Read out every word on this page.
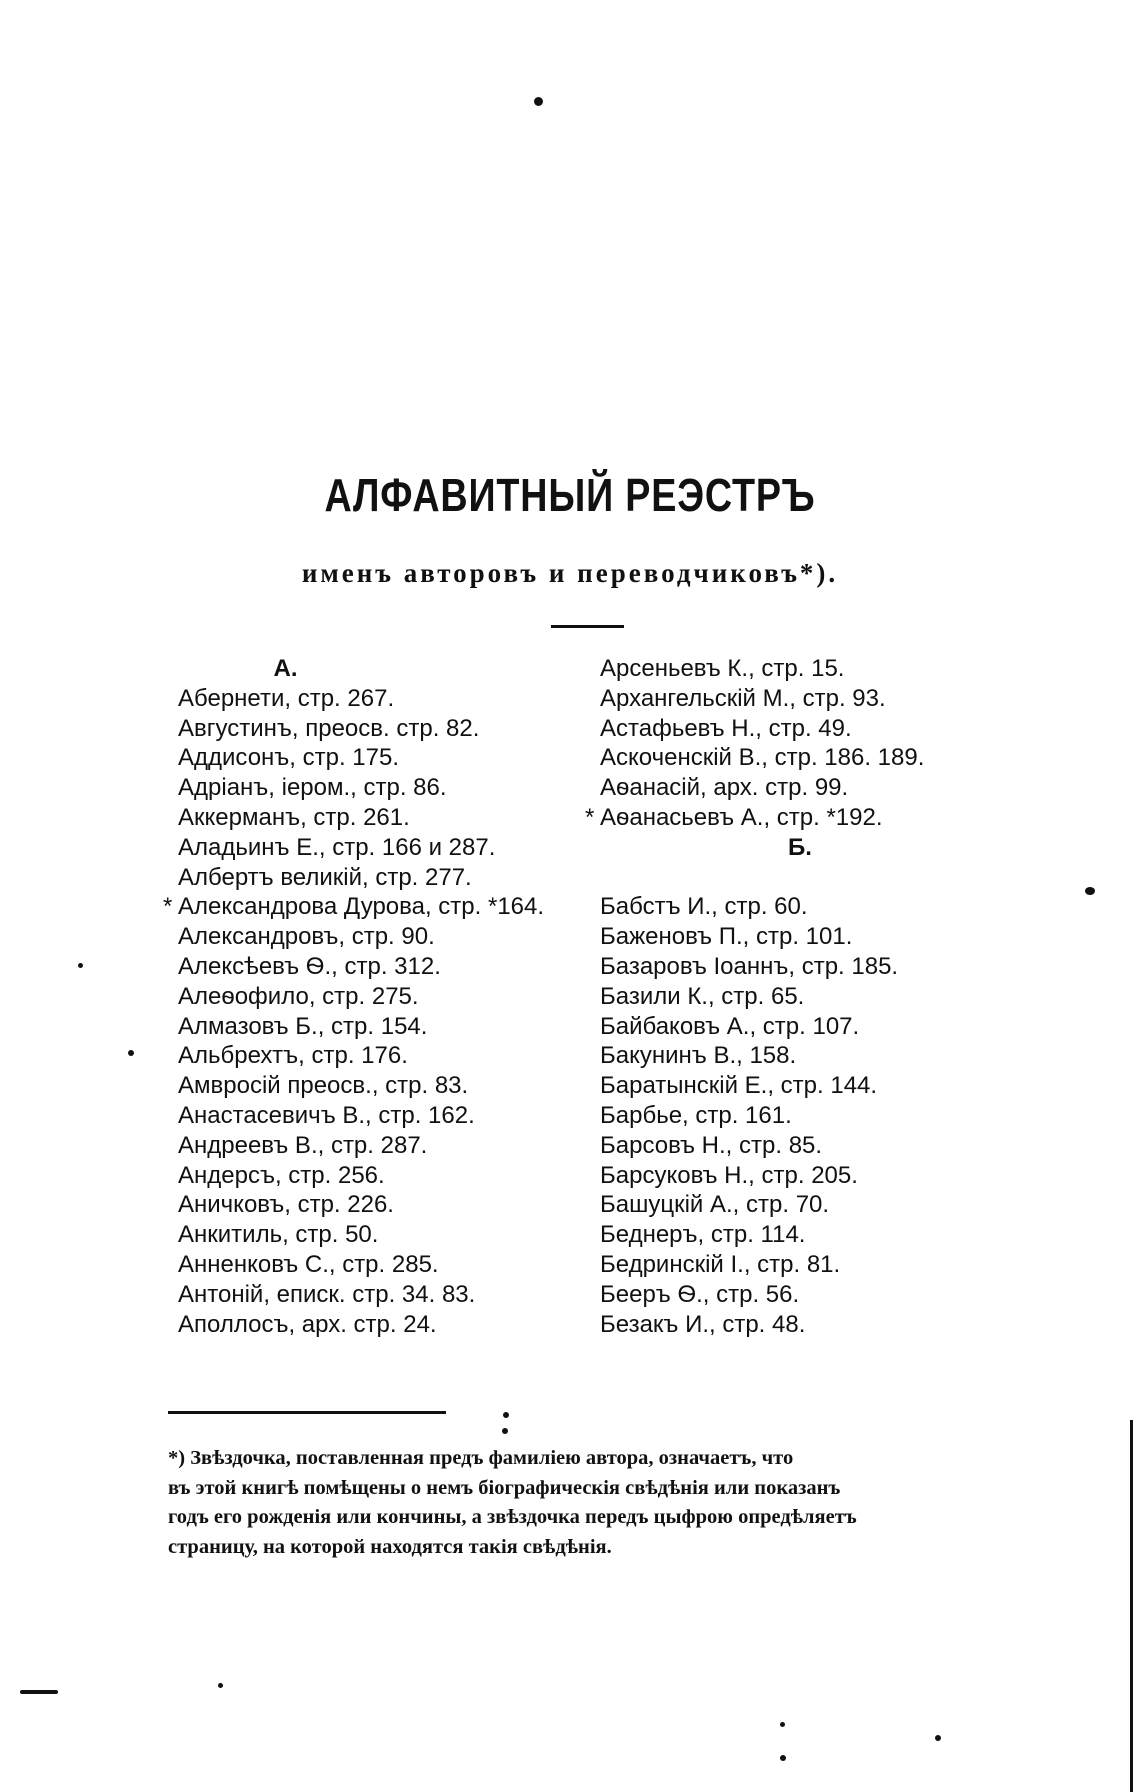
АЛФАВИТНЫЙ РЕЭСТРЪ
именъ авторовъ и переводчиковъ*).
А.
Абернети, стр. 267.
Августинъ, преосв. стр. 82.
Аддисонъ, стр. 175.
Адріанъ, іером., стр. 86.
Аккерманъ, стр. 261.
Аладьинъ Е., стр. 166 и 287.
Албертъ великій, стр. 277.
* Александрова Дурова, стр. *164.
Александровъ, стр. 90.
Алексѣевъ Ѳ., стр. 312.
Алеѳофило, стр. 275.
Алмазовъ Б., стр. 154.
Альбрехтъ, стр. 176.
Амвросій преосв., стр. 83.
Анастасевичъ В., стр. 162.
Андреевъ В., стр. 287.
Андерсъ, стр. 256.
Аничковъ, стр. 226.
Анкитиль, стр. 50.
Анненковъ С., стр. 285.
Антоній, еписк. стр. 34. 83.
Аполлосъ, арх. стр. 24.
Арсеньевъ К., стр. 15.
Архангельскій М., стр. 93.
Астафьевъ Н., стр. 49.
Аскоченскій В., стр. 186. 189.
Аѳанасій, арх. стр. 99.
* Аѳанасьевъ А., стр. *192.
Б.
Бабстъ И., стр. 60.
Баженовъ П., стр. 101.
Базаровъ Іоаннъ, стр. 185.
Базили К., стр. 65.
Байбаковъ А., стр. 107.
Бакунинъ В., 158.
Баратынскій Е., стр. 144.
Барбье, стр. 161.
Барсовъ Н., стр. 85.
Барсуковъ Н., стр. 205.
Башуцкій А., стр. 70.
Беднеръ, стр. 114.
Бедринскій І., стр. 81.
Бееръ Ѳ., стр. 56.
Безакъ И., стр. 48.
*) Звѣздочка, поставленная предъ фамиліею автора, означаетъ, что
въ этой книгѣ помѣщены о немъ біографическія свѣдѣнія или показанъ
годъ его рожденія или кончины, а звѣздочка передъ цыфрою опредѣляетъ
страницу, на которой находятся такія свѣдѣнія.
